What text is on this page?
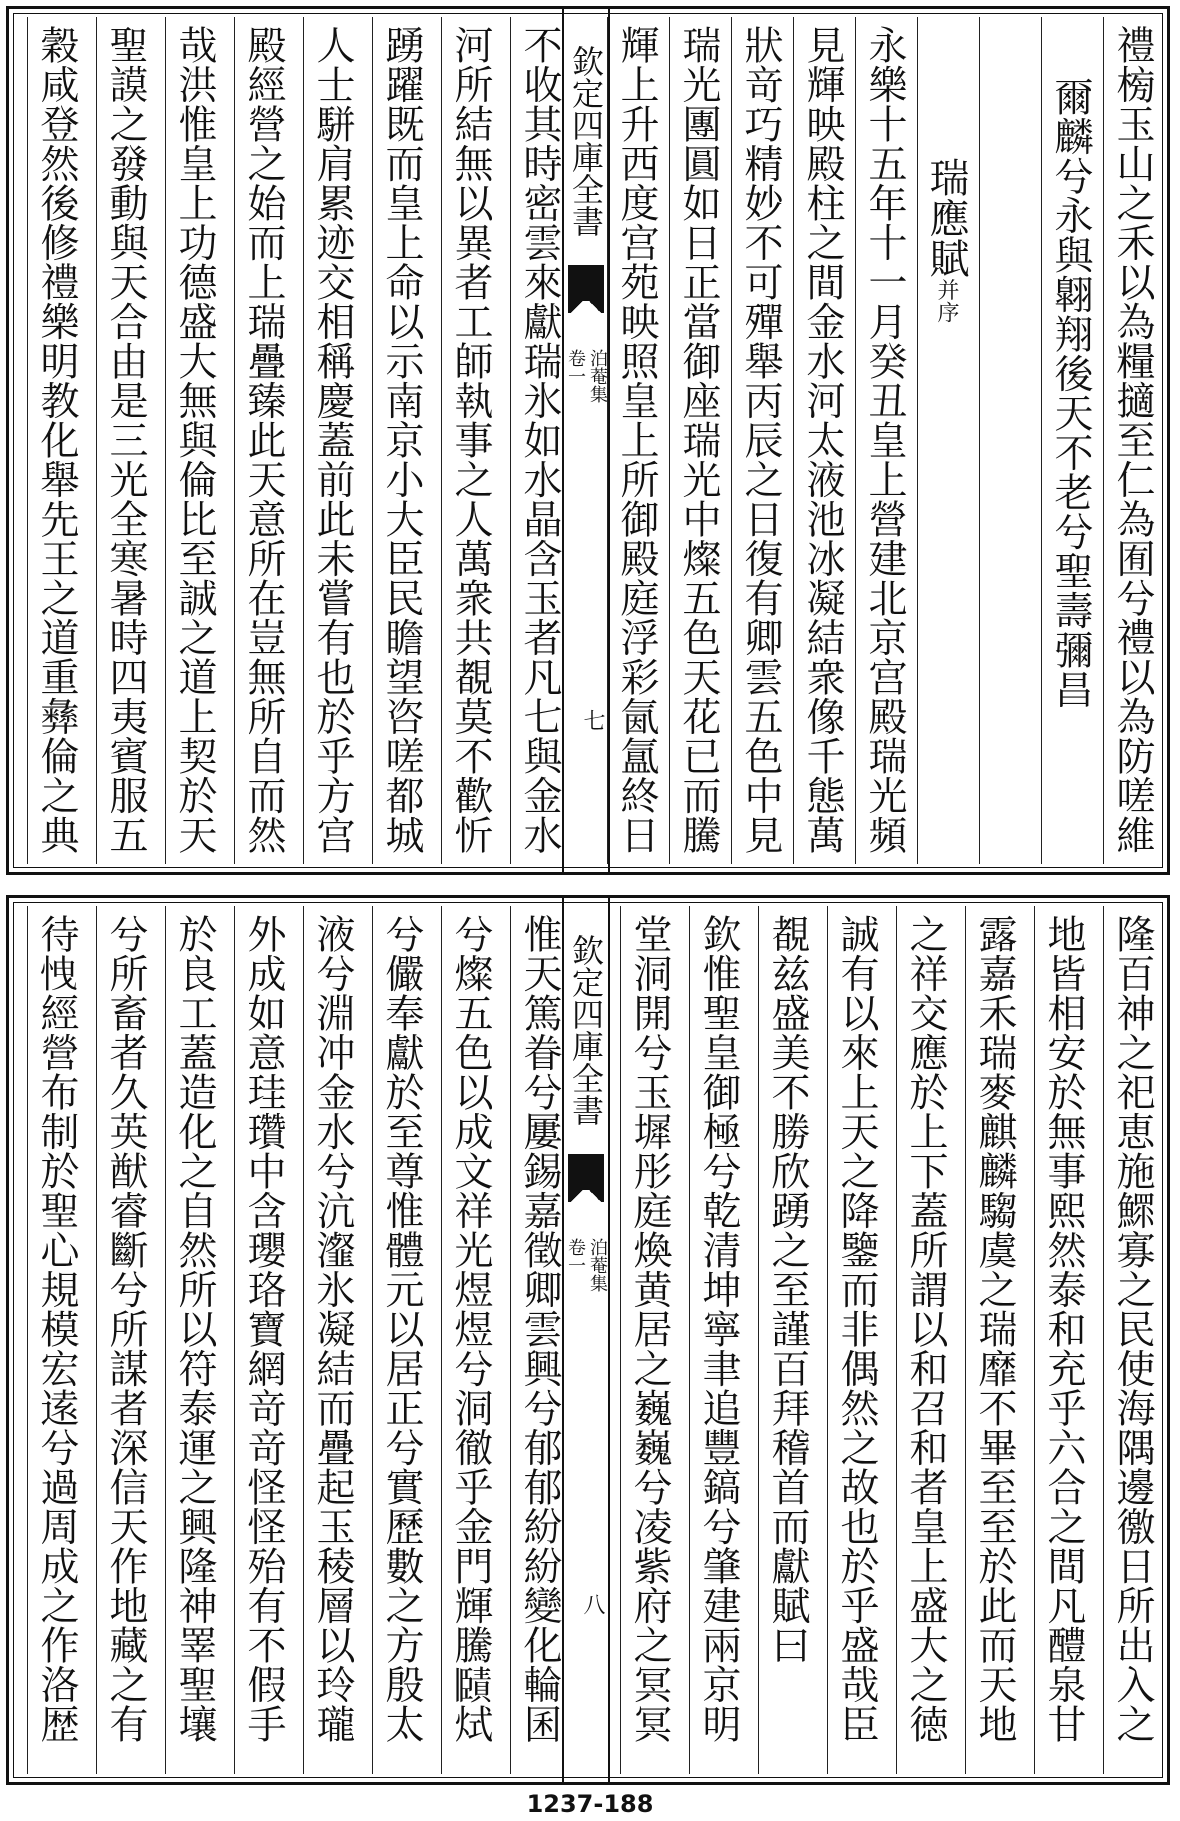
禮㮄玉山之禾以為糧擿至仁為囿兮禮以為防嗟維
爾麟兮永與翺翔後天不老兮聖壽彌昌
瑞應賦并序
永樂十五年十一月癸丑皇上營建北京宫殿瑞光頻
見輝映殿柱之間金水河太液池冰凝結衆像千態萬
狀竒巧精妙不可殫舉丙辰之日復有卿雲五色中見
瑞光團圓如日正當御座瑞光中燦五色天花已而騰
輝上升西度宫苑映照皇上所御殿庭浮彩氤氲終日
欽定四庫全書
泊菴集
卷一
七
不收其時密雲來獻瑞氷如水晶含玉者凡七與金水
河所結無以異者工師執事之人萬衆共覩莫不歡忻
踴躍既而皇上命以示南京小大臣民瞻望咨嗟都城
人士駢肩累迹交相稱慶蓋前此未嘗有也於乎方宫
殿經營之始而上瑞疊臻此天意所在豈無所自而然
哉洪惟皇上功德盛大無與倫比至誠之道上契於天
聖謨之發動與天合由是三光全寒暑時四夷賓服五
穀咸登然後修禮樂明教化舉先王之道重彝倫之典
隆百神之祀恵施鰥寡之民使海隅邊徼日所出入之
地皆相安於無事熙然泰和充乎六合之間凡醴泉甘
露嘉禾瑞麥麒麟騶虞之瑞靡不畢至至於此而天地
之祥交應於上下蓋所謂以和召和者皇上盛大之徳
誠有以來上天之降鑒而非偶然之故也於乎盛哉臣
覩兹盛美不勝欣踴之至謹百拜稽首而獻賦曰
欽惟聖皇御極兮乾清坤寧聿追豐鎬兮肇建兩京明
堂洞開兮玉墀彤庭煥黄居之巍巍兮凌紫府之冥冥
欽定四庫全書
泊菴集
卷一
八
惟天篤眷兮屢錫嘉徵卿雲興兮郁郁紛紛變化輪囷
兮燦五色以成文祥光煜煜兮洞徹乎金門輝騰𧷤烒
兮儼奉獻於至尊惟體元以居正兮實歷數之方殷太
液兮淵冲金水兮沆瀣氷凝結而疊起玉稜層以玲瓏
外成如意珪瓚中含瓔珞寶網竒竒怪怪殆有不假手
於良工蓋造化之自然所以符泰運之興隆神睪聖壤
兮所畜者久英猷睿斷兮所謀者深信天作地藏之有
待𢘽經營布制於聖心規模宏逺兮過周成之作洛歴
1237-188
